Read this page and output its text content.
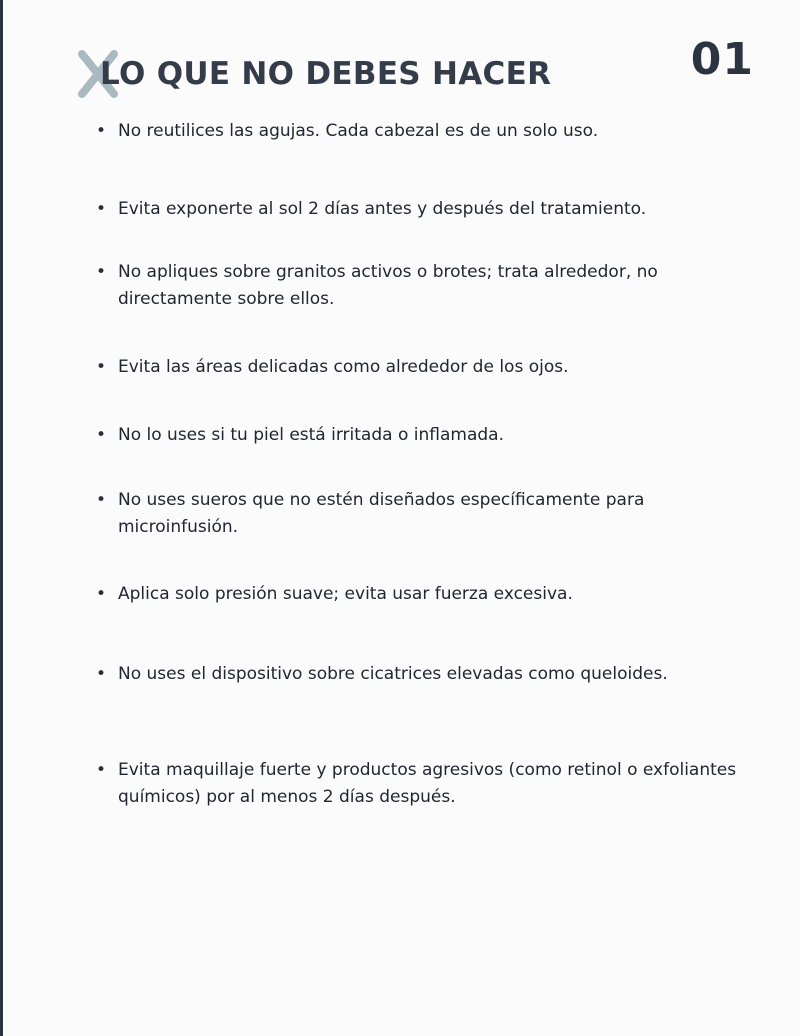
01
LO QUE NO DEBES HACER
• No reutilices las agujas. Cada cabezal es de un solo uso.
• Evita exponerte al sol 2 días antes y después del tratamiento.
• No apliques sobre granitos activos o brotes; trata alrededor, no directamente sobre ellos.
• Evita las áreas delicadas como alrededor de los ojos.
• No lo uses si tu piel está irritada o inflamada.
• No uses sueros que no estén diseñados específicamente para microinfusión.
• Aplica solo presión suave; evita usar fuerza excesiva.
• No uses el dispositivo sobre cicatrices elevadas como queloides.
• Evita maquillaje fuerte y productos agresivos (como retinol o exfoliantes químicos) por al menos 2 días después.
